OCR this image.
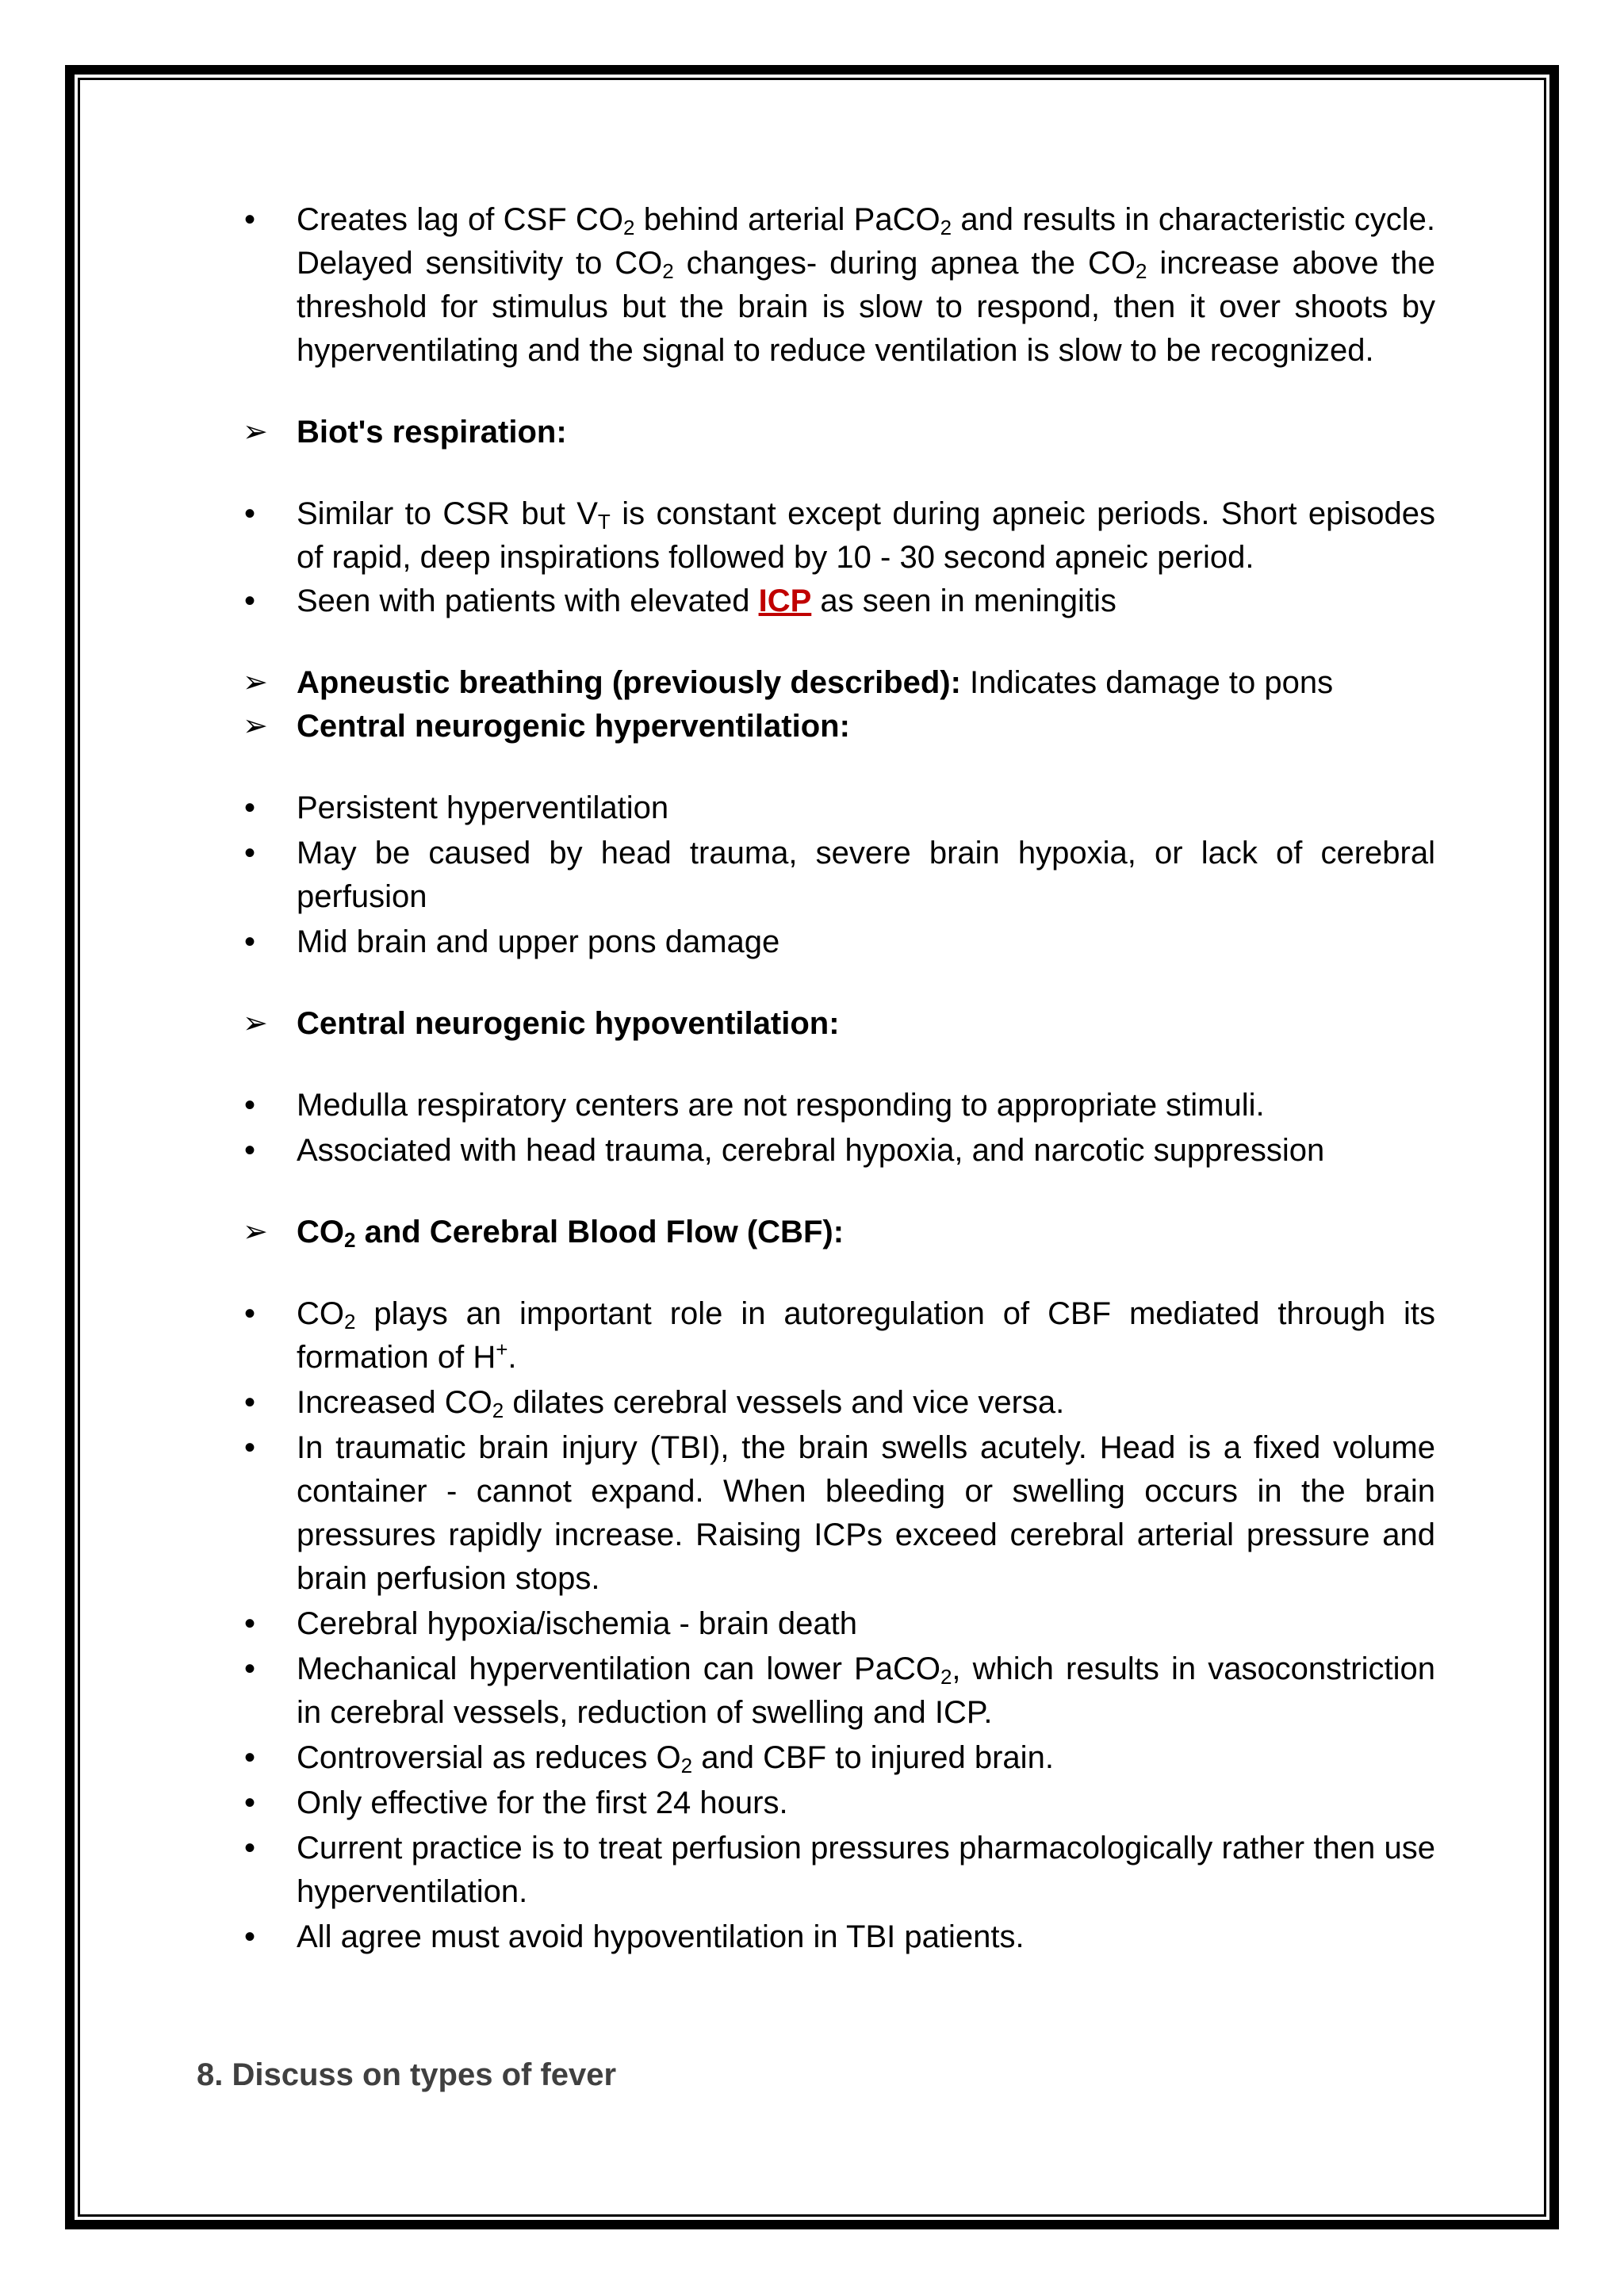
•	Creates lag of CSF $CO_2$ behind arterial PaCO$_2$ and results in characteristic cycle. Delayed sensitivity to $CO_2$ changes- during apnea the $CO_2$ increase above the threshold for stimulus but the brain is slow to respond, then it over shoots by hyperventilating and the signal to reduce ventilation is slow to be recognized.
➢ Biot's respiration:
•	Similar to CSR but $V_T$ is constant except during apneic periods. Short episodes of rapid, deep inspirations followed by 10 - 30 second apneic period.
•	Seen with patients with elevated ICP as seen in meningitis
➢ Apneustic breathing (previously described): Indicates damage to pons
➢ Central neurogenic hyperventilation:
•	Persistent hyperventilation
•	May be caused by head trauma, severe brain hypoxia, or lack of cerebral perfusion
•	Mid brain and upper pons damage
➢ Central neurogenic hypoventilation:
•	Medulla respiratory centers are not responding to appropriate stimuli.
•	Associated with head trauma, cerebral hypoxia, and narcotic suppression
➢ $CO_2$ and Cerebral Blood Flow (CBF):
•	$CO_2$ plays an important role in autoregulation of CBF mediated through its formation of H+.
•	Increased $CO_2$ dilates cerebral vessels and vice versa.
•	In traumatic brain injury (TBI), the brain swells acutely. Head is a fixed volume container - cannot expand. When bleeding or swelling occurs in the brain pressures rapidly increase. Raising ICPs exceed cerebral arterial pressure and brain perfusion stops.
•	Cerebral hypoxia/ischemia - brain death
•	Mechanical hyperventilation can lower PaCO$_2$, which results in vasoconstriction in cerebral vessels, reduction of swelling and ICP.
•	Controversial as reduces $O_2$ and CBF to injured brain.
•	Only effective for the first 24 hours.
•	Current practice is to treat perfusion pressures pharmacologically rather then use hyperventilation.
•	All agree must avoid hypoventilation in TBI patients.
8. Discuss on types of fever
